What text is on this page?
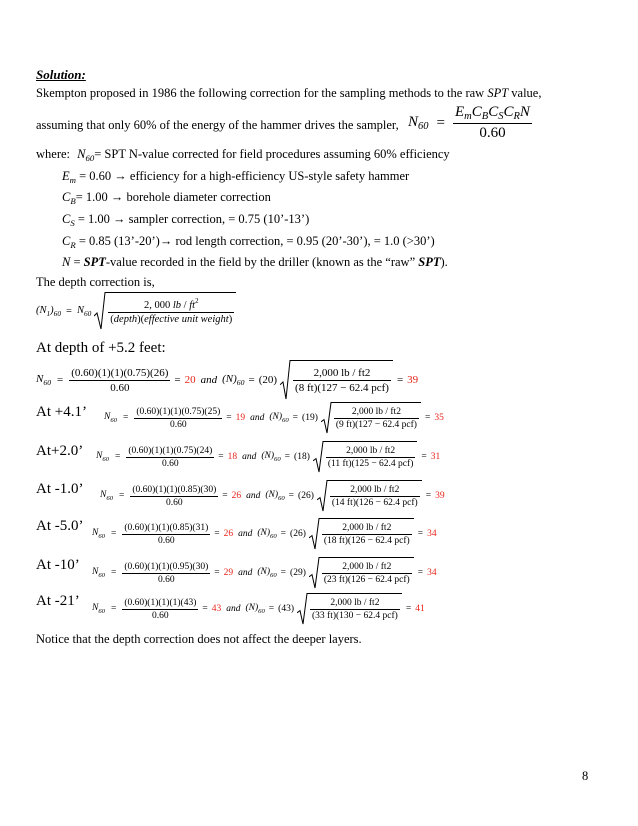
Solution:
Skempton proposed in 1986 the following correction for the sampling methods to the raw SPT value,
assuming that only 60% of the energy of the hammer drives the sampler, $N_{60} = \frac{E_mC_BC_SC_RN}{0.60}$
where: $N_{60}=$ SPT N-value corrected for field procedures assuming 60% efficiency
$E_m = 0.60$ → efficiency for a high-efficiency US-style safety hammer
$C_B= 1.00$ → borehole diameter correction
$C_S = 1.00$ → sampler correction, = 0.75 (10’-13’)
$C_R = 0.85$ (13’-20’)→ rod length correction, = 0.95 (20’-30’), = 1.0 (>30’)
N = SPT-value recorded in the field by the driller (known as the “raw” SPT).
The depth correction is,
$(N_1)_{60} = N_{60} \frac{2, 000 lb / ft^2}{\text{(depth)(effective unit weight)}}$
At depth of +5.2 feet:
$N_{60} = \frac{(0.60)(1)(1)(0.75)(26)}{0.60} = 20$ and $(N)_{60} = (20) \frac{2,000 lb / ft2}{\text{(8 ft)(127 − 62.4 pcf)}} = 39$
At +4.1’ $N_{60} = \frac{(0.60)(1)(1)(0.75)(25)}{0.60} = 19$ and $(N)_{60} = (19) \frac{2,000 lb / ft2}{\text{(9 ft)(127 − 62.4 pcf)}} = 35$
At+2.0’ $N_{60} = \frac{(0.60)(1)(1)(0.75)(24)}{0.60} = 18$ and $(N)_{60} = (18) \frac{2,000 lb / ft2}{\text{(11 ft)(125 − 62.4 pcf)}} = 31$
At -1.0’ $N_{60} = \frac{(0.60)(1)(1)(0.85)(30)}{0.60} = 26$ and $(N)_{60} = (26) \frac{2,000 lb / ft2}{\text{(14 ft)(126 − 62.4 pcf)}} = 39$
At -5.0’ $N_{60} = \frac{(0.60)(1)(1)(0.85)(31)}{0.60} = 26$ and $(N)_{60} = (26) \frac{2,000 lb / ft2}{\text{(18 ft)(126 − 62.4 pcf)}} = 34$
At -10’ $N_{60} = \frac{(0.60)(1)(1)(0.95)(30)}{0.60} = 29$ and $(N)_{60} = (29) \frac{2,000 lb / ft2}{\text{(23 ft)(126 − 62.4 pcf)}} = 34$
At -21’ $N_{60} = \frac{(0.60)(1)(1)(1)(43)}{0.60} = 43$ and $(N)_{60} = (43) \frac{2,000 lb / ft2}{\text{(33 ft)(130 − 62.4 pcf)}} = 41$
Notice that the depth correction does not affect the deeper layers.
8
